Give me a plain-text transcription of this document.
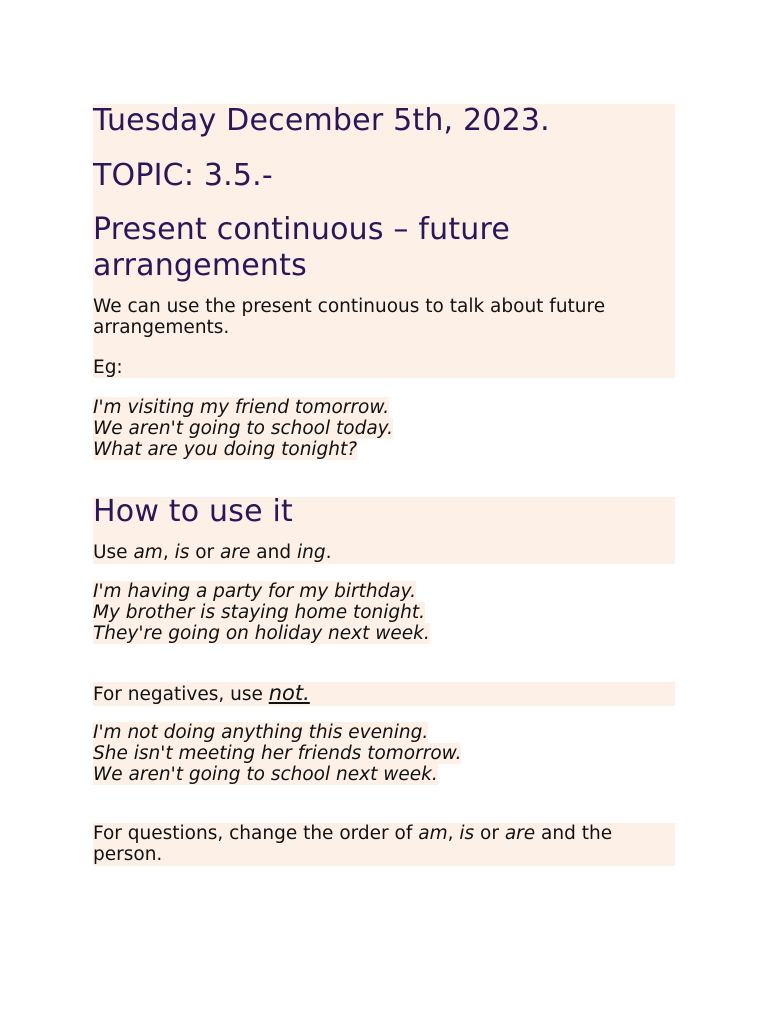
Tuesday December 5th, 2023.
TOPIC: 3.5.-
Present continuous – future arrangements
We can use the present continuous to talk about future arrangements.
Eg:
I'm visiting my friend tomorrow.
We aren't going to school today.
What are you doing tonight?
How to use it
Use am, is or are and ing.
I'm having a party for my birthday.
My brother is staying home tonight.
They're going on holiday next week.
For negatives, use not.
I'm not doing anything this evening.
She isn't meeting her friends tomorrow.
We aren't going to school next week.
For questions, change the order of am, is or are and the person.
